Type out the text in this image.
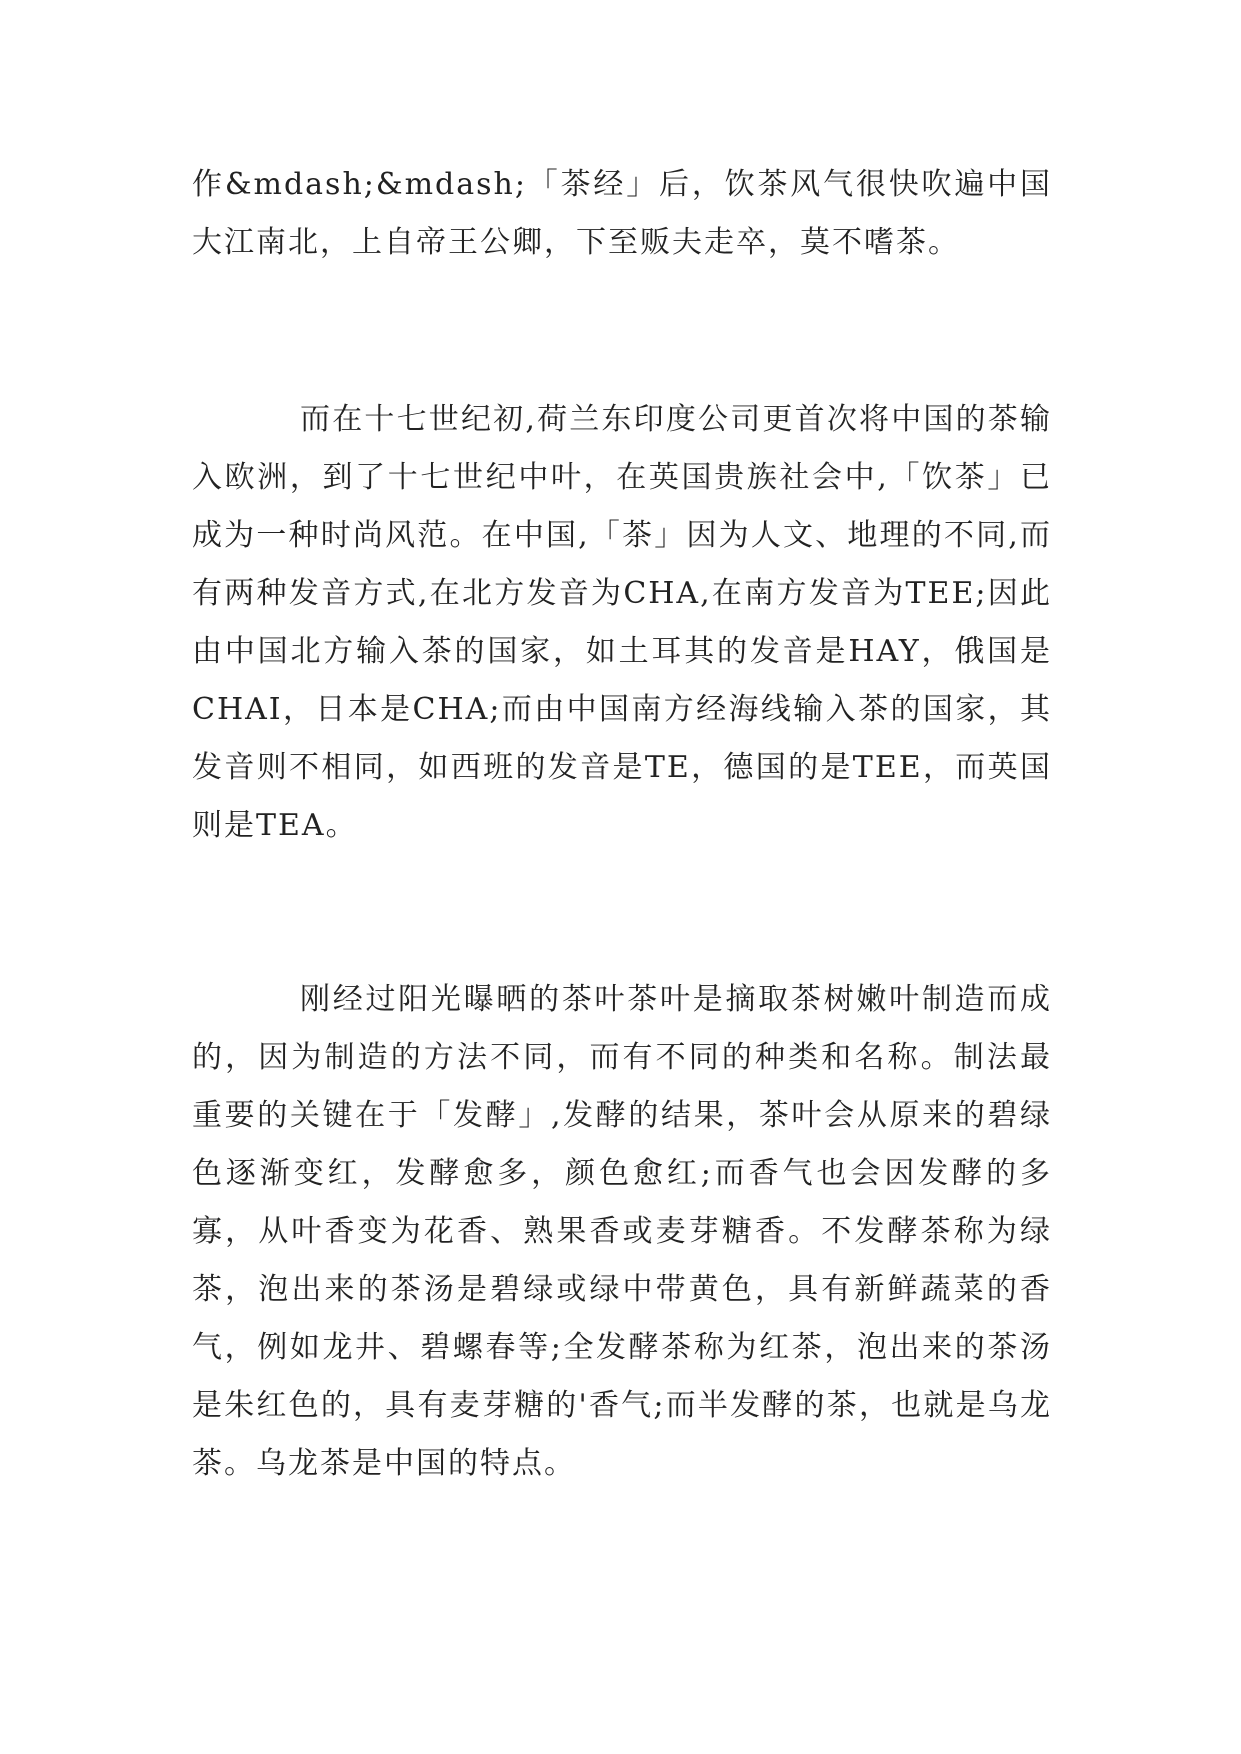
作&mdash;&mdash;「茶经」后，饮茶风气很快吹遍中国大江南北，上自帝王公卿，下至贩夫走卒，莫不嗜茶。

而在十七世纪初,荷兰东印度公司更首次将中国的茶输入欧洲，到了十七世纪中叶，在英国贵族社会中,「饮茶」已成为一种时尚风范。在中国,「茶」因为人文、地理的不同,而有两种发音方式,在北方发音为CHA,在南方发音为TEE;因此由中国北方输入茶的国家，如土耳其的发音是HAY，俄国是CHAI，日本是CHA;而由中国南方经海线输入茶的国家，其发音则不相同，如西班的发音是TE，德国的是TEE，而英国则是TEA。

刚经过阳光曝晒的茶叶茶叶是摘取茶树嫩叶制造而成的，因为制造的方法不同，而有不同的种类和名称。制法最重要的关键在于「发酵」,发酵的结果，茶叶会从原来的碧绿色逐渐变红，发酵愈多，颜色愈红;而香气也会因发酵的多寡，从叶香变为花香、熟果香或麦芽糖香。不发酵茶称为绿茶，泡出来的茶汤是碧绿或绿中带黄色，具有新鲜蔬菜的香气，例如龙井、碧螺春等;全发酵茶称为红茶，泡出来的茶汤是朱红色的，具有麦芽糖的'香气;而半发酵的茶，也就是乌龙茶。乌龙茶是中国的特点。
